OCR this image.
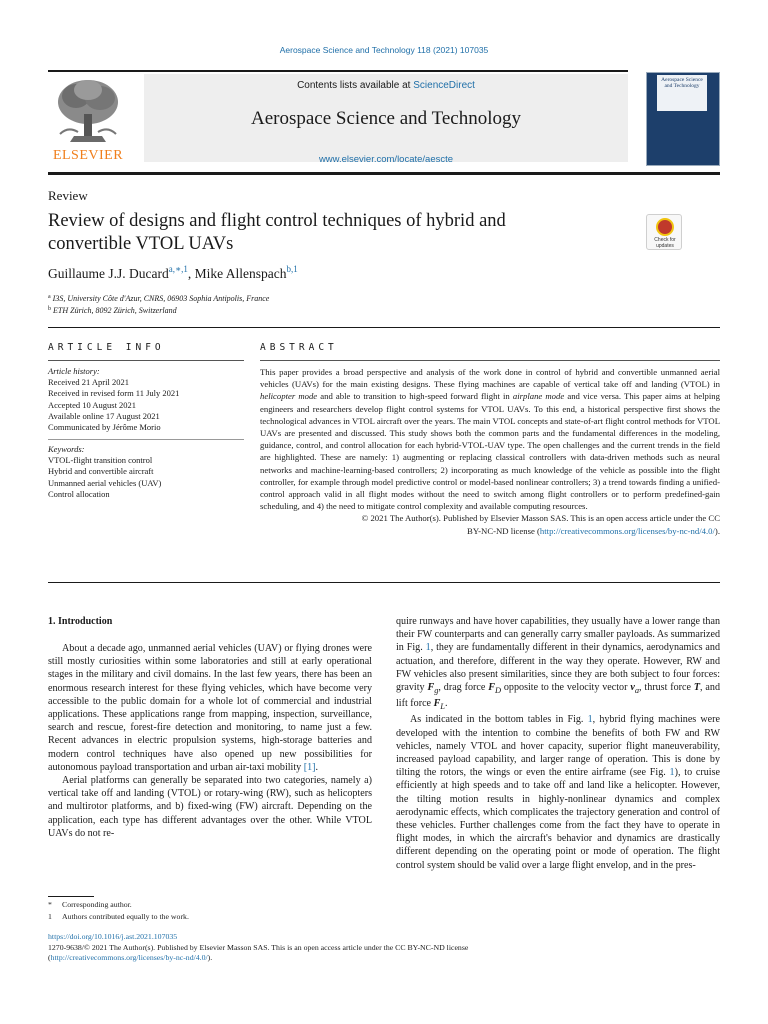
Aerospace Science and Technology 118 (2021) 107035
ELSEVIER
Contents lists available at ScienceDirect
Aerospace Science and Technology
www.elsevier.com/locate/aescte
Aerospace Science and Technology
Review
Review of designs and flight control techniques of hybrid and
convertible VTOL UAVs	Check for updates
Guillaume J.J. Ducard$^{a,∗,1}$, Mike Allenspach$^{b,1}$
$^a$ I3S, University Côte d'Azur, CNRS, 06903 Sophia Antipolis, France
$^b$ ETH Zürich, 8092 Zürich, Switzerland
ARTICLE INFO	ABSTRACT
Article history:
Received 21 April 2021
Received in revised form 11 July 2021
Accepted 10 August 2021
Available online 17 August 2021
Communicated by Jérôme Morio
Keywords:
VTOL-flight transition control
Hybrid and convertible aircraft
Unmanned aerial vehicles (UAV)
Control allocation

This paper provides a broad perspective and analysis of the work done in control of hybrid and convertible unmanned aerial vehicles (UAVs) for the main existing designs. These flying machines are capable of vertical take off and landing (VTOL) in helicopter mode and able to transition to high-speed forward flight in airplane mode and vice versa. This paper aims at helping engineers and researchers develop flight control systems for VTOL UAVs. To this end, a historical perspective first shows the technological advances in VTOL aircraft over the years. The main VTOL concepts and state-of-art flight control methods for VTOL UAVs are presented and discussed. This study shows both the common parts and the fundamental differences in the modeling, guidance, control, and control allocation for each hybrid-VTOL-UAV type. The open challenges and the current trends in the field are highlighted. These are namely: 1) augmenting or replacing classical controllers with data-driven methods such as neural networks and machine-learning-based controllers; 2) incorporating as much knowledge of the vehicle as possible into the flight controller, for example through model predictive control or model-based nonlinear controllers; 3) a trend towards finding a unified-control approach valid in all flight modes without the need to switch among flight controllers or to perform predefined-gain scheduling, and 4) the need to mitigate control complexity and available computing resources.

© 2021 The Author(s). Published by Elsevier Masson SAS. This is an open access article under the CC
BY-NC-ND license (http://creativecommons.org/licenses/by-nc-nd/4.0/).
1. Introduction

About a decade ago, unmanned aerial vehicles (UAV) or flying drones were still mostly curiosities within some laboratories and still at early operational stages in the military and civil domains. In the last few years, there has been an enormous research interest for these flying vehicles, which have become very accessible to the public domain for a whole lot of commercial and industrial applications. These applications range from mapping, inspection, surveillance, search and rescue, forest-fire detection and monitoring, to name just a few. Recent advances in electric propulsion systems, high-storage batteries and modern control techniques have also opened up new possibilities for autonomous payload transportation and urban air-taxi mobility [1].

Aerial platforms can generally be separated into two categories, namely a) vertical take off and landing (VTOL) or rotary-wing (RW), such as helicopters and multirotor platforms, and b) fixed-wing (FW) aircraft. Depending on the application, each type has different advantages over the other. While VTOL UAVs do not re-

quire runways and have hover capabilities, they usually have a lower range than their FW counterparts and can generally carry smaller payloads. As summarized in Fig. 1, they are fundamentally different in their dynamics, aerodynamics and actuation, and therefore, different in the way they operate. However, RW and FW vehicles also present similarities, since they are both subject to four forces: gravity $F_g$, drag force $F_D$ opposite to the velocity vector $v_a$, thrust force T, and lift force $F_L$.

As indicated in the bottom tables in Fig. 1, hybrid flying machines were developed with the intention to combine the benefits of both FW and RW vehicles, namely VTOL and hover capacity, superior flight maneuverability, increased payload capability, and larger range of operation. This is done by tilting the rotors, the wings or even the entire airframe (see Fig. 1), to cruise efficiently at high speeds and to take off and land like a helicopter. However, the tilting motion results in highly-nonlinear dynamics and complex aerodynamic effects, which complicates the trajectory generation and control of these vehicles. Further challenges come from the fact they have to operate in flight modes, in which the aircraft's behavior and dynamics are drastically different depending on the operating point or mode of operation. The flight control system should be valid over a large flight envelop, and in the pres-

* Corresponding author.
1 Authors contributed equally to the work.
https://doi.org/10.1016/j.ast.2021.107035
1270-9638/© 2021 The Author(s). Published by Elsevier Masson SAS. This is an open access article under the CC BY-NC-ND license
(http://creativecommons.org/licenses/by-nc-nd/4.0/).
